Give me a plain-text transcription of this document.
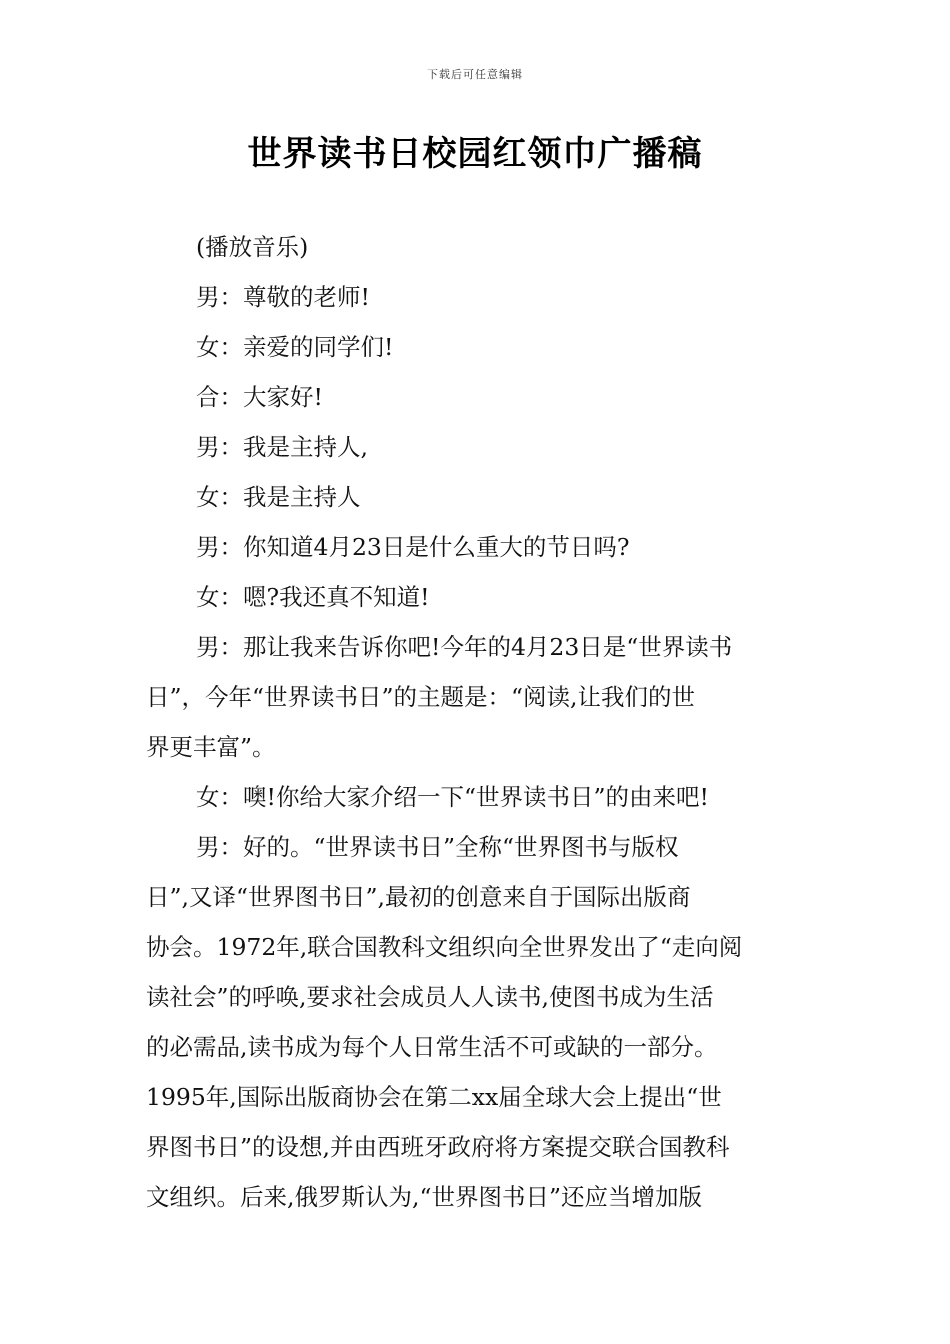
下载后可任意编辑
世界读书日校园红领巾广播稿
(播放音乐)
男：尊敬的老师!
女：亲爱的同学们!
合：大家好!
男：我是主持人,
女：我是主持人
男：你知道4月23日是什么重大的节日吗?
女：嗯?我还真不知道!
男：那让我来告诉你吧!今年的4月23日是“世界读书
日”，今年“世界读书日”的主题是：“阅读,让我们的世
界更丰富”。
女：噢!你给大家介绍一下“世界读书日”的由来吧!
男：好的。“世界读书日”全称“世界图书与版权
日”,又译“世界图书日”,最初的创意来自于国际出版商
协会。1972年,联合国教科文组织向全世界发出了“走向阅
读社会”的呼唤,要求社会成员人人读书,使图书成为生活
的必需品,读书成为每个人日常生活不可或缺的一部分。
1995年,国际出版商协会在第二xx届全球大会上提出“世
界图书日”的设想,并由西班牙政府将方案提交联合国教科
文组织。后来,俄罗斯认为,“世界图书日”还应当增加版
